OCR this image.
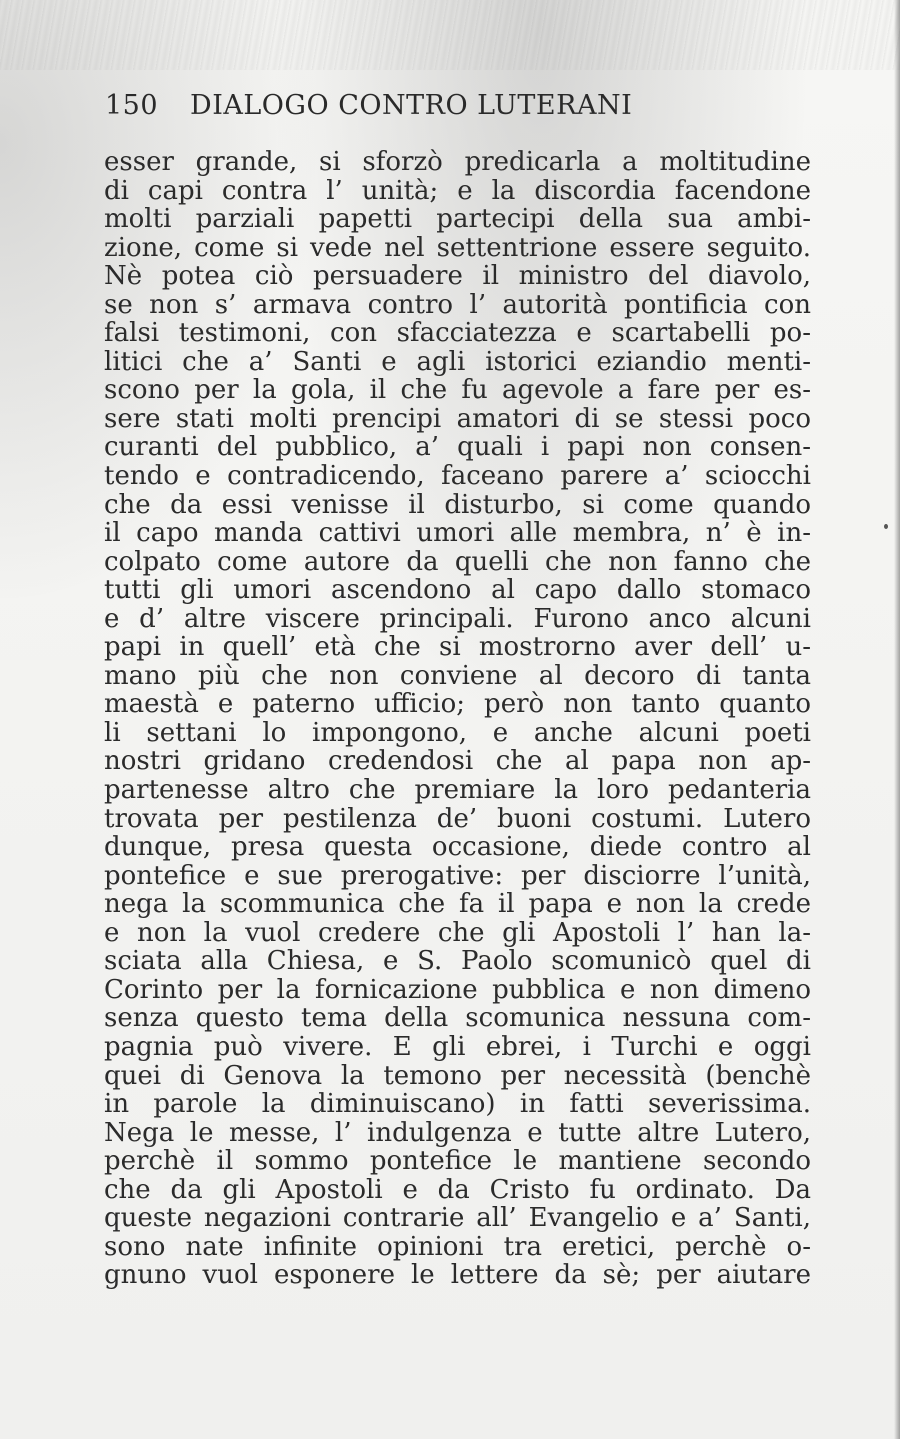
150 DIALOGO CONTRO LUTERANI
esser grande, si sforzò predicarla a moltitudine
di capi contra l’ unità; e la discordia facendone
molti parziali papetti partecipi della sua ambi-
zione, come si vede nel settentrione essere seguito.
Nè potea ciò persuadere il ministro del diavolo,
se non s’ armava contro l’ autorità pontificia con
falsi testimoni, con sfacciatezza e scartabelli po-
litici che a’ Santi e agli istorici eziandio menti-
scono per la gola, il che fu agevole a fare per es-
sere stati molti prencipi amatori di se stessi poco
curanti del pubblico, a’ quali i papi non consen-
tendo e contradicendo, faceano parere a’ sciocchi
che da essi venisse il disturbo, si come quando
il capo manda cattivi umori alle membra, n’ è in-
colpato come autore da quelli che non fanno che
tutti gli umori ascendono al capo dallo stomaco
e d’ altre viscere principali. Furono anco alcuni
papi in quell’ età che si mostrorno aver dell’ u-
mano più che non conviene al decoro di tanta
maestà e paterno ufficio; però non tanto quanto
li settani lo impongono, e anche alcuni poeti
nostri gridano credendosi che al papa non ap-
partenesse altro che premiare la loro pedanteria
trovata per pestilenza de’ buoni costumi. Lutero
dunque, presa questa occasione, diede contro al
pontefice e sue prerogative: per disciorre l’unità,
nega la scommunica che fa il papa e non la crede
e non la vuol credere che gli Apostoli l’ han la-
sciata alla Chiesa, e S. Paolo scomunicò quel di
Corinto per la fornicazione pubblica e non dimeno
senza questo tema della scomunica nessuna com-
pagnia può vivere. E gli ebrei, i Turchi e oggi
quei di Genova la temono per necessità (benchè
in parole la diminuiscano) in fatti severissima.
Nega le messe, l’ indulgenza e tutte altre Lutero,
perchè il sommo pontefice le mantiene secondo
che da gli Apostoli e da Cristo fu ordinato. Da
queste negazioni contrarie all’ Evangelio e a’ Santi,
sono nate infinite opinioni tra eretici, perchè o-
gnuno vuol esponere le lettere da sè; per aiutare
